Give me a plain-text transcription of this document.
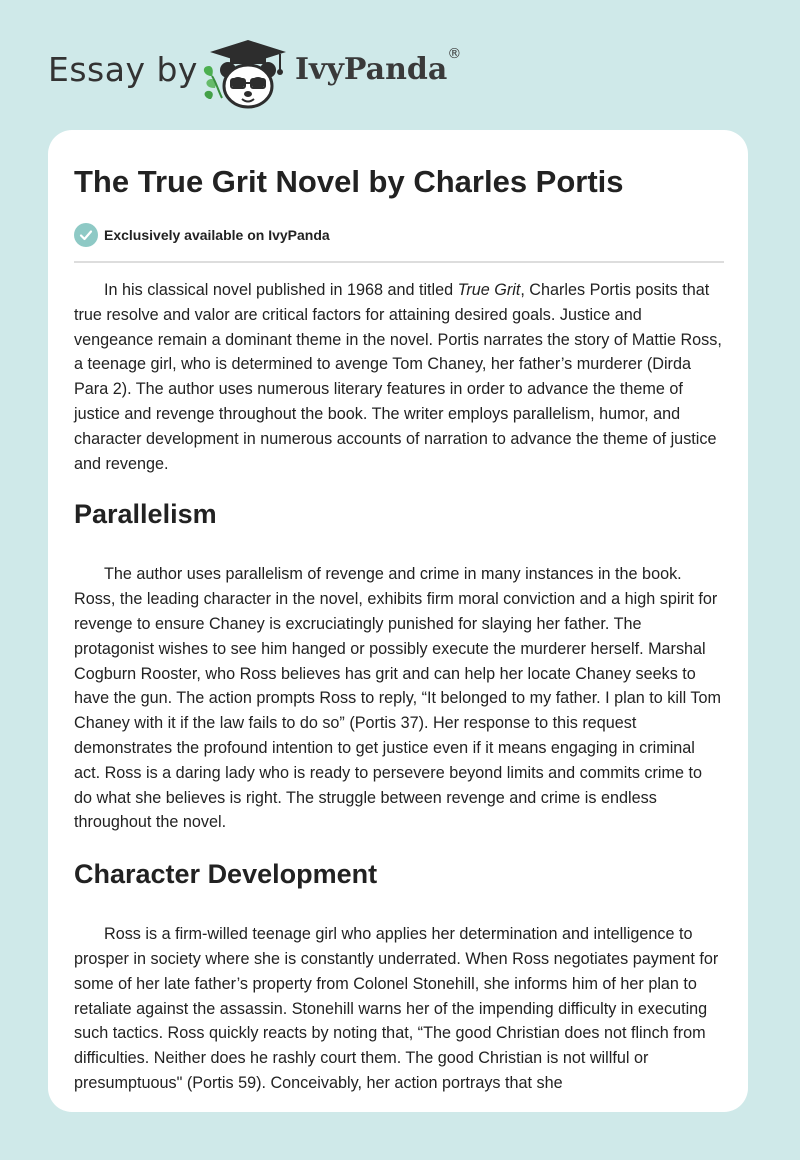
Essay by	IvyPanda®
The True Grit Novel by Charles Portis
Exclusively available on IvyPanda

In his classical novel published in 1968 and titled True Grit, Charles Portis posits that true resolve and valor are critical factors for attaining desired goals. Justice and vengeance remain a dominant theme in the novel. Portis narrates the story of Mattie Ross, a teenage girl, who is determined to avenge Tom Chaney, her father’s murderer (Dirda Para 2). The author uses numerous literary features in order to advance the theme of justice and revenge throughout the book. The writer employs parallelism, humor, and character development in numerous accounts of narration to advance the theme of justice and revenge.

Parallelism

The author uses parallelism of revenge and crime in many instances in the book. Ross, the leading character in the novel, exhibits firm moral conviction and a high spirit for revenge to ensure Chaney is excruciatingly punished for slaying her father. The protagonist wishes to see him hanged or possibly execute the murderer herself. Marshal Cogburn Rooster, who Ross believes has grit and can help her locate Chaney seeks to have the gun. The action prompts Ross to reply, “It belonged to my father. I plan to kill Tom Chaney with it if the law fails to do so” (Portis 37). Her response to this request demonstrates the profound intention to get justice even if it means engaging in criminal act. Ross is a daring lady who is ready to persevere beyond limits and commits crime to do what she believes is right. The struggle between revenge and crime is endless throughout the novel.

Character Development

Ross is a firm-willed teenage girl who applies her determination and intelligence to prosper in society where she is constantly underrated. When Ross negotiates payment for some of her late father’s property from Colonel Stonehill, she informs him of her plan to retaliate against the assassin. Stonehill warns her of the impending difficulty in executing such tactics. Ross quickly reacts by noting that, “The good Christian does not flinch from difficulties. Neither does he rashly court them. The good Christian is not willful or presumptuous" (Portis 59). Conceivably, her action portrays that she
